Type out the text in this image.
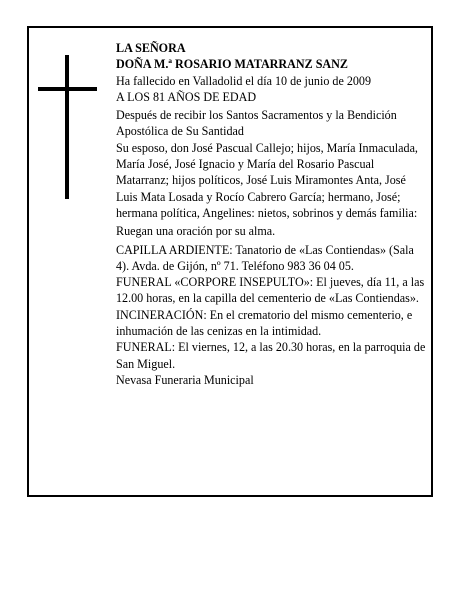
LA SEÑORA

DOÑA M.ª ROSARIO MATARRANZ SANZ

Ha fallecido en Valladolid el día 10 de junio de 2009

A LOS 81 AÑOS DE EDAD

Después de recibir los Santos Sacramentos y la Bendición Apostólica de Su Santidad

Su esposo, don José Pascual Callejo; hijos, María Inmaculada, María José, José Ignacio y María del Rosario Pascual Matarranz; hijos políticos, José Luis Miramontes Anta, José Luis Mata Losada y Rocío Cabrero García; hermano, José; hermana política, Angelines: nietos, sobrinos y demás familia:

Ruegan una oración por su alma.

CAPILLA ARDIENTE: Tanatorio de «Las Contiendas» (Sala 4). Avda. de Gijón, nº 71. Teléfono 983 36 04 05.

FUNERAL «CORPORE INSEPULTO»: El jueves, día 11, a las 12.00 horas, en la capilla del cementerio de «Las Contiendas».

INCINERACIÓN: En el crematorio del mismo cementerio, e inhumación de las cenizas en la intimidad.

FUNERAL: El viernes, 12, a las 20.30 horas, en la parroquia de San Miguel.

Nevasa Funeraria Municipal
